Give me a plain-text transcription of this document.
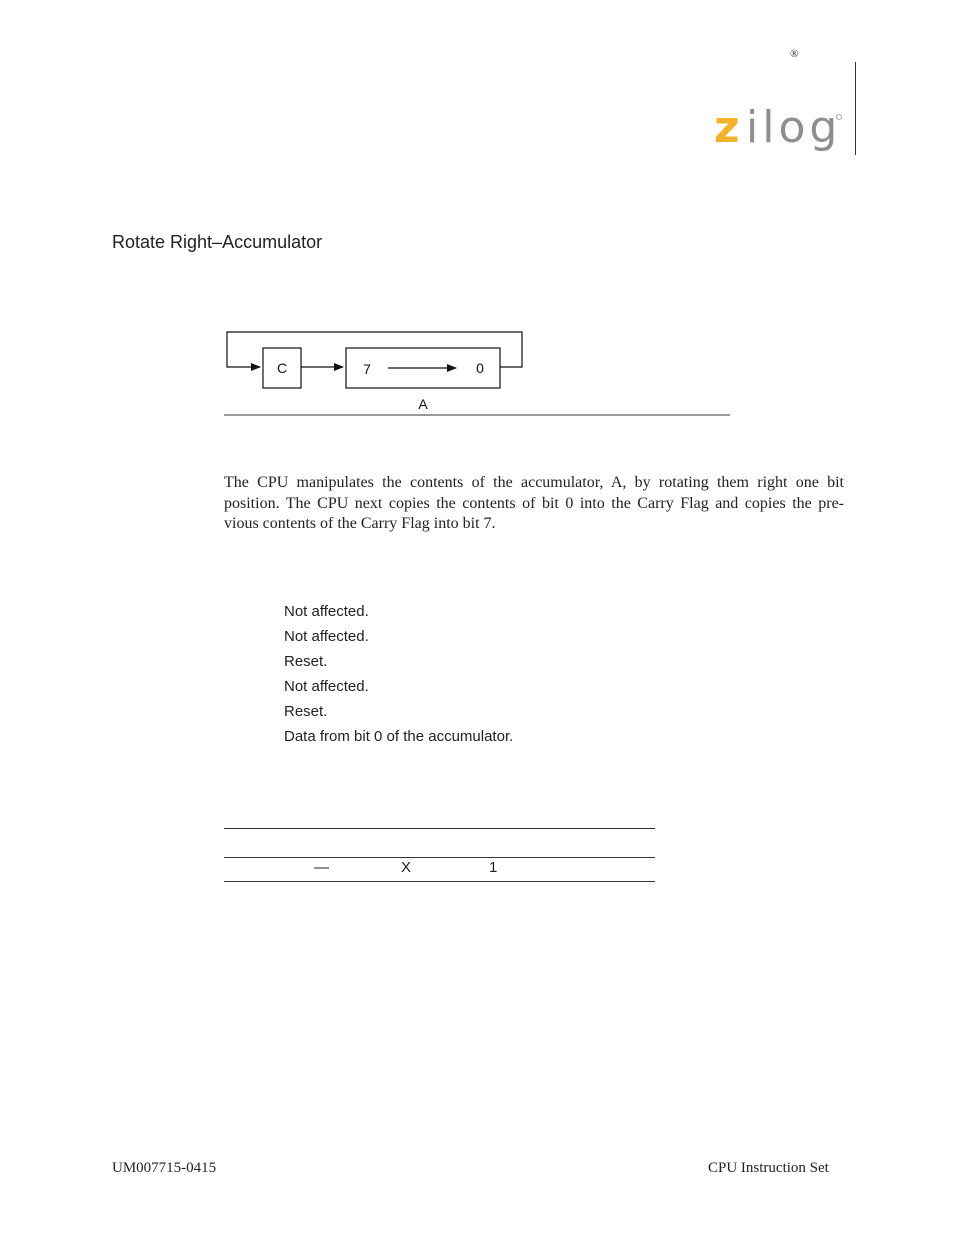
®
z ilog
Rotate Right–Accumulator
C	7	0
A
The CPU manipulates the contents of the accumulator, A, by rotating them right one bit
position. The CPU next copies the contents of bit 0 into the Carry Flag and copies the pre-
vious contents of the Carry Flag into bit 7.
Not affected.
Not affected.
Reset.
Not affected.
Reset.
Data from bit 0 of the accumulator.
—	X	1
UM007715-0415	CPU Instruction Set
